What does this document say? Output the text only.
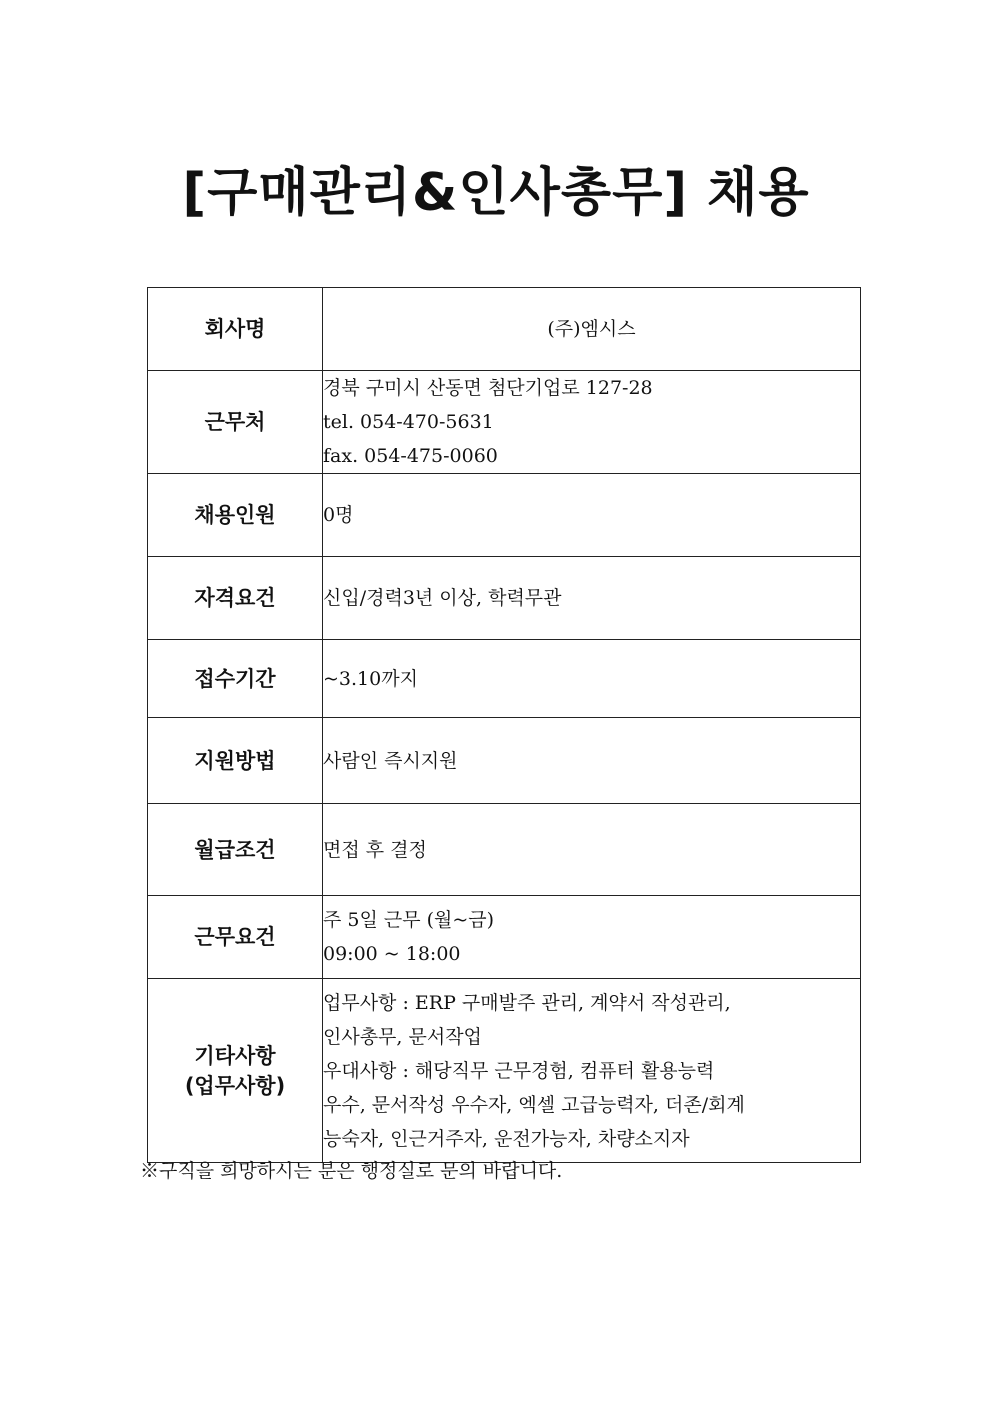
[구매관리&인사총무] 채용
회사명	(주)엠시스

근무처	경북 구미시 산동면 첨단기업로 127-28
tel. 054-470-5631
fax. 054-475-0060

채용인원	0명

자격요건	신입/경력3년 이상, 학력무관

접수기간	~3.10까지

지원방법	사람인 즉시지원

월급조건	면접 후 결정

근무요건	주 5일 근무 (월~금)
09:00 ~ 18:00

기타사항
(업무사항)	업무사항 : ERP 구매발주 관리, 계약서 작성관리,
인사총무, 문서작업
우대사항 : 해당직무 근무경험, 컴퓨터 활용능력
우수, 문서작성 우수자, 엑셀 고급능력자, 더존/회계
능숙자, 인근거주자, 운전가능자, 차량소지자

※구직을 희망하시는 분은 행정실로 문의 바랍니다.
